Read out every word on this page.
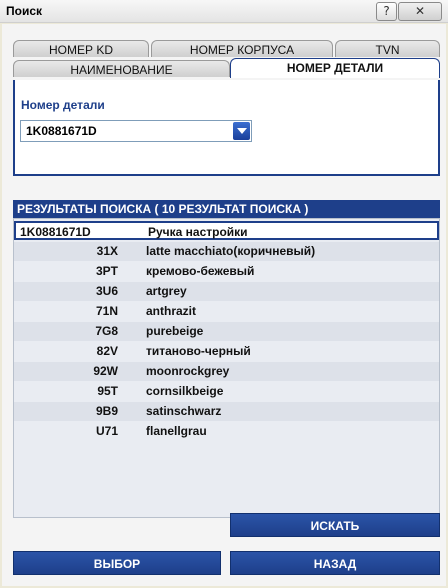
Поиск	?	✕
НОМЕР KD	НОМЕР КОРПУСА	TVN
НАИМЕНОВАНИЕ	НОМЕР ДЕТАЛИ
Номер детали
1K0881671D
РЕЗУЛЬТАТЫ ПОИСКА ( 10 РЕЗУЛЬТАТ ПОИСКА )
1K0881671D	Ручка настройки
31X latte macchiato(коричневый)
3PT кремово-бежевый
3U6 artgrey
71N anthrazit
7G8 purebeige
82V титаново-черный
92W moonrockgrey
95T cornsilkbeige
9B9 satinschwarz
U71 flanellgrau
ИСКАТЬ
ВЫБОР	НАЗАД
